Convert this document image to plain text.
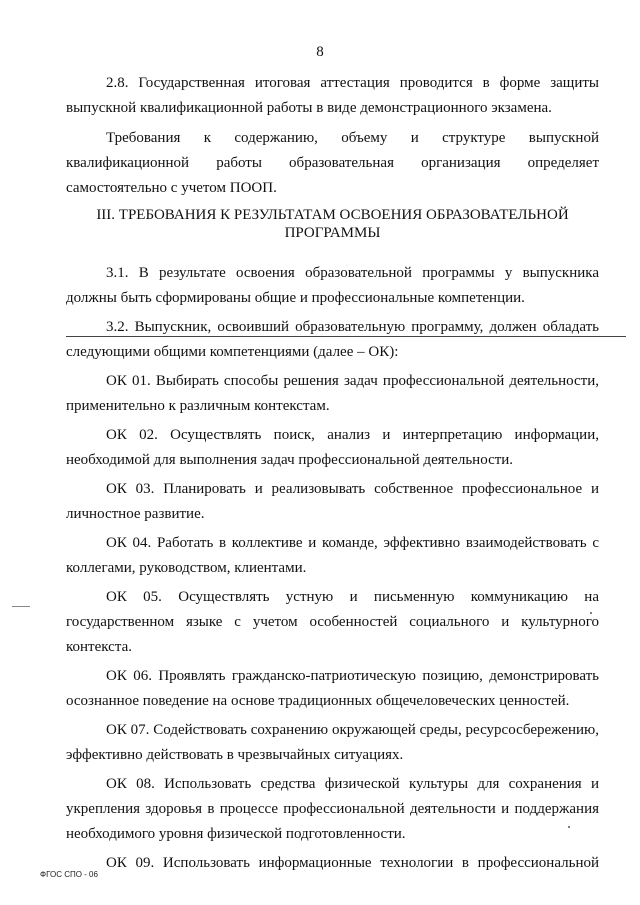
8

2.8. Государственная итоговая аттестация проводится в форме защиты выпускной квалификационной работы в виде демонстрационного экзамена.

Требования к содержанию, объему и структуре выпускной квалификационной работы образовательная организация определяет самостоятельно с учетом ПООП.

III. ТРЕБОВАНИЯ К РЕЗУЛЬТАТАМ ОСВОЕНИЯ ОБРАЗОВАТЕЛЬНОЙ
ПРОГРАММЫ

3.1. В результате освоения образовательной программы у выпускника должны быть сформированы общие и профессиональные компетенции.

3.2. Выпускник, освоивший образовательную программу, должен обладать следующими общими компетенциями (далее – ОК):

ОК 01. Выбирать способы решения задач профессиональной деятельности, применительно к различным контекстам.

ОК 02. Осуществлять поиск, анализ и интерпретацию информации, необходимой для выполнения задач профессиональной деятельности.

ОК 03. Планировать и реализовывать собственное профессиональное и личностное развитие.

ОК 04. Работать в коллективе и команде, эффективно взаимодействовать с коллегами, руководством, клиентами.

ОК 05. Осуществлять устную и письменную коммуникацию на государственном языке с учетом особенностей социального и культурного контекста.

ОК 06. Проявлять гражданско-патриотическую позицию, демонстрировать осознанное поведение на основе традиционных общечеловеческих ценностей.

ОК 07. Содействовать сохранению окружающей среды, ресурсосбережению, эффективно действовать в чрезвычайных ситуациях.

ОК 08. Использовать средства физической культуры для сохранения и укрепления здоровья в процессе профессиональной деятельности и поддержания необходимого уровня физической подготовленности.

ОК 09. Использовать информационные технологии в профессиональной

ФГОС СПО - 06
